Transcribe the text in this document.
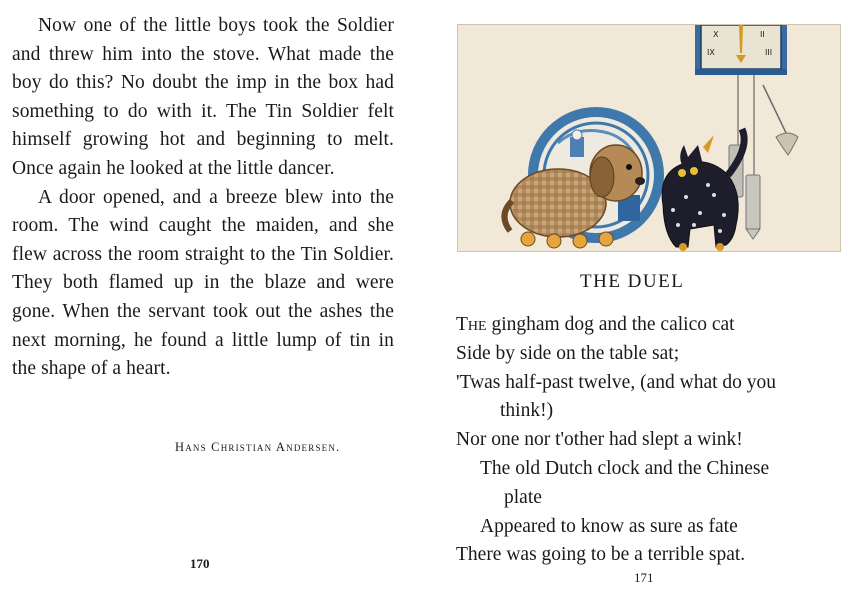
Now one of the little boys took the Soldier and threw him into the stove. What made the boy do this? No doubt the imp in the box had something to do with it. The Tin Soldier felt himself growing hot and beginning to melt. Once again he looked at the little dancer.

A door opened, and a breeze blew into the room. The wind caught the maiden, and she flew across the room straight to the Tin Soldier. They both flamed up in the blaze and were gone. When the servant took out the ashes the next morning, he found a little lump of tin in the shape of a heart.

Hans Christian Andersen.
170
X	II
IX	III
THE DUEL
The gingham dog and the calico cat
Side by side on the table sat;
'Twas half-past twelve, (and what do you
think!)
Nor one nor t'other had slept a wink!
The old Dutch clock and the Chinese
plate
Appeared to know as sure as fate
There was going to be a terrible spat.
171
